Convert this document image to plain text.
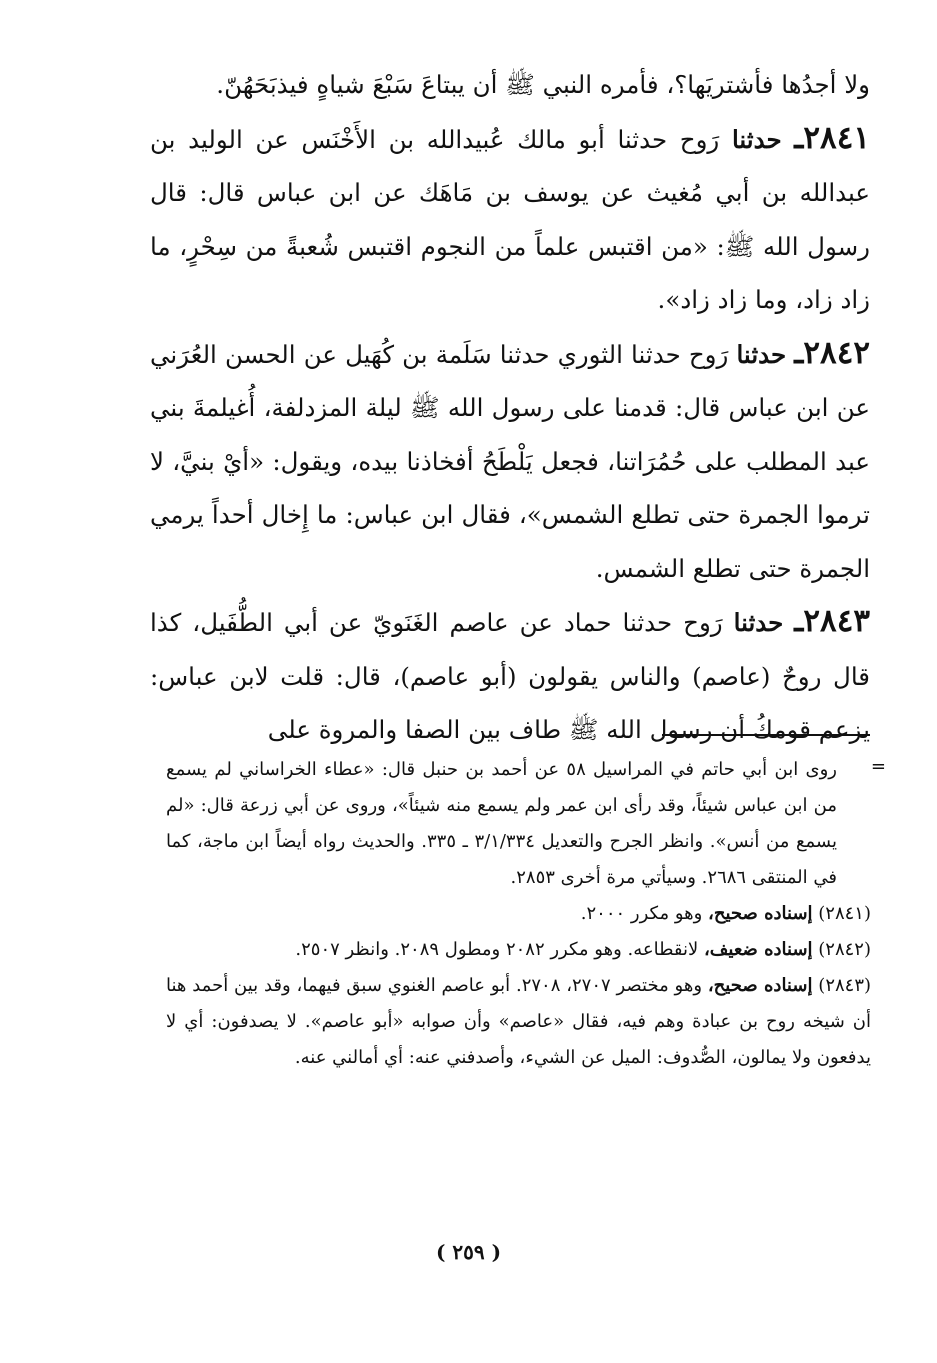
ولا أجدُها فأشتريَها؟، فأمره النبي ﷺ أن يبتاعَ سَبْعَ شياهٍ فيذبَحَهُنّ.

٢٨٤١ـ حدثنا رَوح حدثنا أبو مالك عُبيدالله بن الأَخْنَس عن الوليد بن عبدالله بن أبي مُغيث عن يوسف بن مَاهَك عن ابن عباس قال: قال رسول الله ﷺ: «من اقتبس علماً من النجوم اقتبس شُعبةً من سِحْرٍ، ما زاد زاد، وما زاد زاد».

٢٨٤٢ـ حدثنا رَوح حدثنا الثوري حدثنا سَلَمة بن كُهَيل عن الحسن العُرَني عن ابن عباس قال: قدمنا على رسول الله ﷺ ليلة المزدلفة، أُغيلمةَ بني عبد المطلب على حُمُرَاتنا، فجعل يَلْطَحُ أفخاذنا بيده، ويقول: «أيْ بنيَّ، لا ترموا الجمرة حتى تطلع الشمس»، فقال ابن عباس: ما إِخال أحداً يرمي الجمرة حتى تطلع الشمس.

٢٨٤٣ـ حدثنا رَوح حدثنا حماد عن عاصم الغَنَويّ عن أبي الطُّفَيل، كذا قال روحٌ (عاصم) والناس يقولون (أبو عاصم)، قال: قلت لابن عباس: يزعم قومكُ أن رسول الله ﷺ طاف بين الصفا والمروة على

=

روى ابن أبي حاتم في المراسيل ٥٨ عن أحمد بن حنبل قال: «عطاء الخراساني لم يسمع من ابن عباس شيئاً، وقد رأى ابن عمر ولم يسمع منه شيئاً»، وروى عن أبي زرعة قال: «لم يسمع من أنس». وانظر الجرح والتعديل ٣/١/٣٣٤ ـ ٣٣٥. والحديث رواه أيضاً ابن ماجة، كما في المنتقى ٢٦٨٦. وسيأتي مرة أخرى ٢٨٥٣.

(٢٨٤١) إسناده صحيح، وهو مكرر ٢٠٠٠.

(٢٨٤٢) إسناده ضعيف، لانقطاعه. وهو مكرر ٢٠٨٢ ومطول ٢٠٨٩. وانظر ٢٥٠٧.

(٢٨٤٣) إسناده صحيح، وهو مختصر ٢٧٠٧، ٢٧٠٨. أبو عاصم الغنوي سبق فيهما، وقد بين أحمد هنا أن شيخه روح بن عبادة وهم فيه، فقال «عاصم» وأن صوابه «أبو عاصم». لا يصدفون: أي لا يدفعون ولا يمالون، الصُّدوف: الميل عن الشيء، وأصدفني عنه: أي أمالني عنه.

( ٢٥٩ )
